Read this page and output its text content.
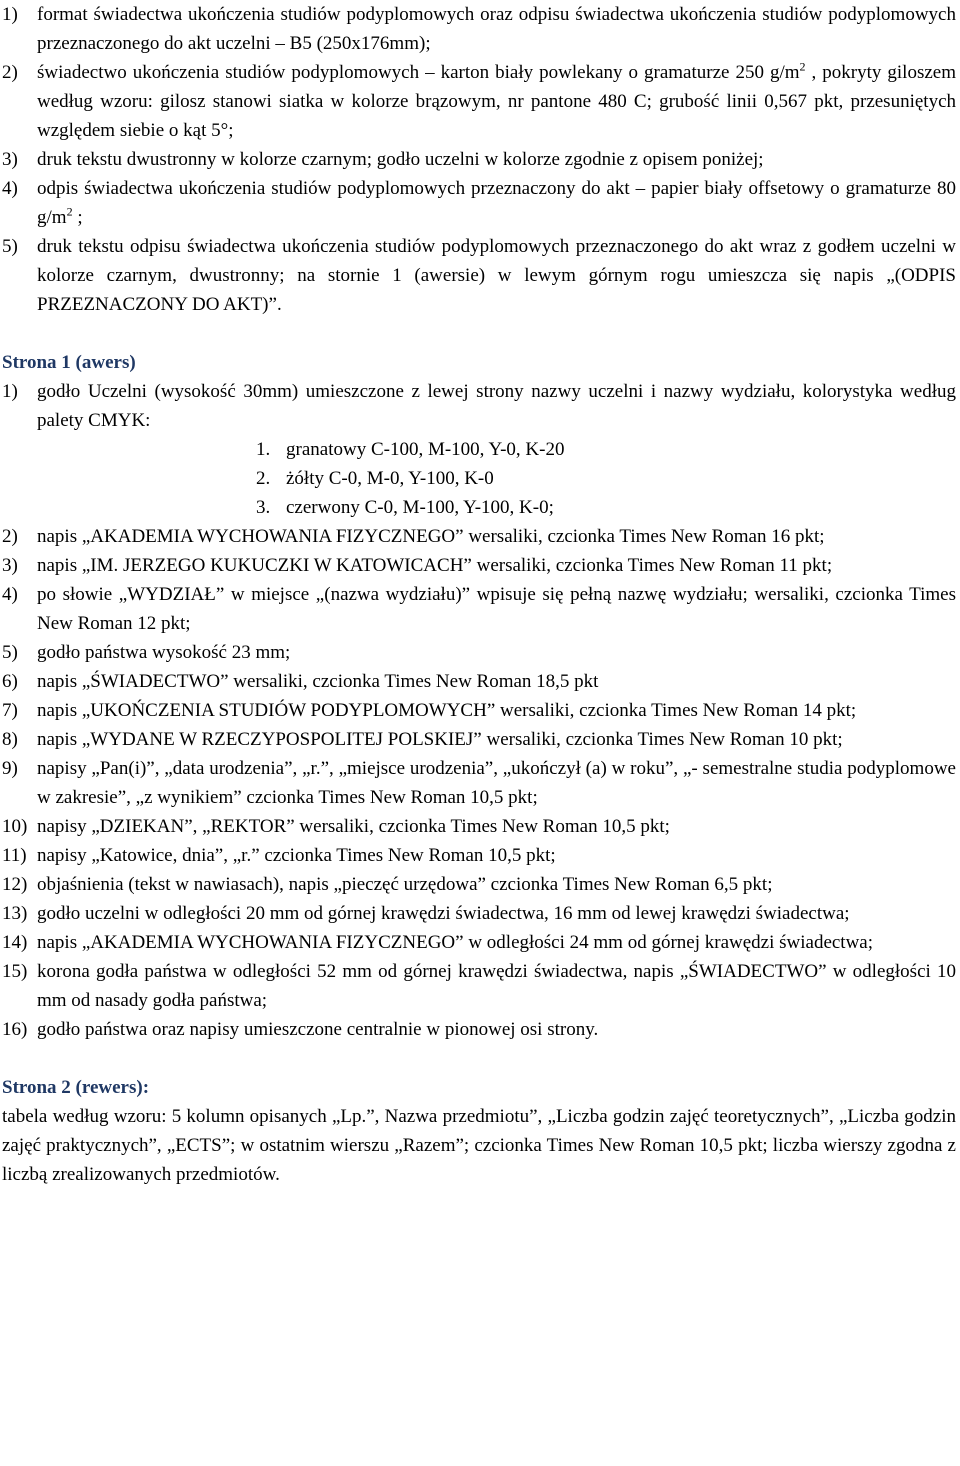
1)	format świadectwa ukończenia studiów podyplomowych oraz odpisu świadectwa ukończenia studiów podyplomowych przeznaczonego do akt uczelni – B5 (250x176mm);
2)	świadectwo ukończenia studiów podyplomowych – karton biały powlekany o gramaturze 250 $g/m^2$ , pokryty giloszem według wzoru: gilosz stanowi siatka w kolorze brązowym, nr pantone 480 C; grubość linii 0,567 pkt, przesuniętych względem siebie o kąt 5°;
3)	druk tekstu dwustronny w kolorze czarnym; godło uczelni w kolorze zgodnie z opisem poniżej;
4)	odpis świadectwa ukończenia studiów podyplomowych przeznaczony do akt – papier biały offsetowy o gramaturze 80 $g/m^2$ ;
5)	druk tekstu odpisu świadectwa ukończenia studiów podyplomowych przeznaczonego do akt wraz z godłem uczelni w kolorze czarnym, dwustronny; na stornie 1 (awersie) w lewym górnym rogu umieszcza się napis „(ODPIS PRZEZNACZONY DO AKT)”.
Strona 1 (awers)
1)	godło Uczelni (wysokość 30mm) umieszczone z lewej strony nazwy uczelni i nazwy wydziału, kolorystyka według palety CMYK:
1. granatowy C-100, M-100, Y-0, K-20
2. żółty C-0, M-0, Y-100, K-0
3. czerwony C-0, M-100, Y-100, K-0;
2)	napis „AKADEMIA WYCHOWANIA FIZYCZNEGO” wersaliki, czcionka Times New Roman 16 pkt;
3)	napis „IM. JERZEGO KUKUCZKI W KATOWICACH” wersaliki, czcionka Times New Roman 11 pkt;
4)	po słowie „WYDZIAŁ” w miejsce „(nazwa wydziału)” wpisuje się pełną nazwę wydziału; wersaliki, czcionka Times New Roman 12 pkt;
5)	godło państwa wysokość 23 mm;
6)	napis „ŚWIADECTWO” wersaliki, czcionka Times New Roman 18,5 pkt
7)	napis „UKOŃCZENIA STUDIÓW PODYPLOMOWYCH” wersaliki, czcionka Times New Roman 14 pkt;
8)	napis „WYDANE W RZECZYPOSPOLITEJ POLSKIEJ” wersaliki, czcionka Times New Roman 10 pkt;
9)	napisy „Pan(i)”, „data urodzenia”, „r.”, „miejsce urodzenia”, „ukończył (a) w roku”, „- semestralne studia podyplomowe w zakresie”, „z wynikiem” czcionka Times New Roman 10,5 pkt;
10) napisy „DZIEKAN”, „REKTOR” wersaliki, czcionka Times New Roman 10,5 pkt;
11) napisy „Katowice, dnia”, „r.” czcionka Times New Roman 10,5 pkt;
12) objaśnienia (tekst w nawiasach), napis „pieczęć urzędowa” czcionka Times New Roman 6,5 pkt;
13) godło uczelni w odległości 20 mm od górnej krawędzi świadectwa, 16 mm od lewej krawędzi świadectwa;
14) napis „AKADEMIA WYCHOWANIA FIZYCZNEGO” w odległości 24 mm od górnej krawędzi świadectwa;
15) korona godła państwa w odległości 52 mm od górnej krawędzi świadectwa, napis „ŚWIADECTWO” w odległości 10 mm od nasady godła państwa;
16) godło państwa oraz napisy umieszczone centralnie w pionowej osi strony.
Strona 2 (rewers):
tabela według wzoru: 5 kolumn opisanych „Lp.”, Nazwa przedmiotu”, „Liczba godzin zajęć teoretycznych”, „Liczba godzin zajęć praktycznych”, „ECTS”; w ostatnim wierszu „Razem”; czcionka Times New Roman 10,5 pkt; liczba wierszy zgodna z liczbą zrealizowanych przedmiotów.
